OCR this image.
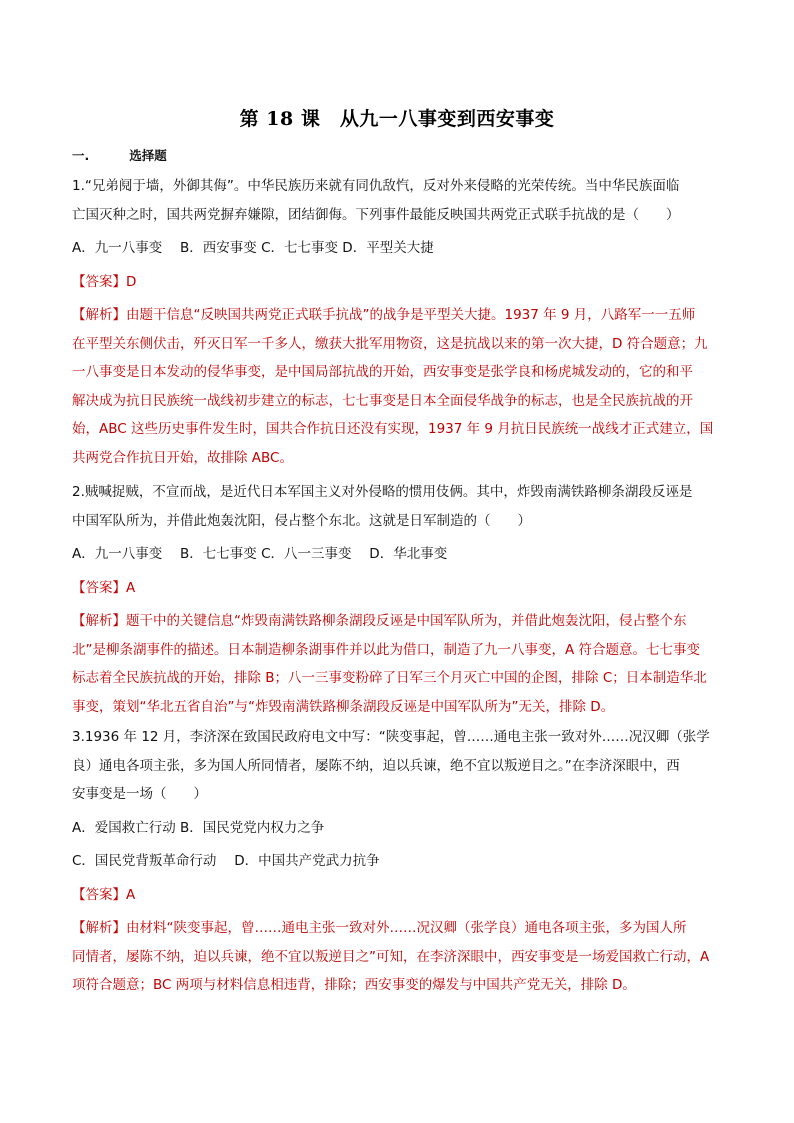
第 18 课　从九一八事变到西安事变
一.	选择题
1.“兄弟阋于墙，外御其侮”。中华民族历来就有同仇敌忾，反对外来侵略的光荣传统。当中华民族面临
亡国灭种之时，国共两党摒弃嫌隙，团结御侮。下列事件最能反映国共两党正式联手抗战的是（　　）
A．九一八事变　 B．西安事变 C．七七事变 D．平型关大捷
【答案】D
【解析】由题干信息“反映国共两党正式联手抗战”的战争是平型关大捷。1937 年 9 月，八路军一一五师
在平型关东侧伏击，歼灭日军一千多人，缴获大批军用物资，这是抗战以来的第一次大捷，D 符合题意；九
一八事变是日本发动的侵华事变，是中国局部抗战的开始，西安事变是张学良和杨虎城发动的，它的和平
解决成为抗日民族统一战线初步建立的标志，七七事变是日本全面侵华战争的标志，也是全民族抗战的开
始，ABC 这些历史事件发生时，国共合作抗日还没有实现，1937 年 9 月抗日民族统一战线才正式建立，国
共两党合作抗日开始，故排除 ABC。
2.贼喊捉贼，不宣而战，是近代日本军国主义对外侵略的惯用伎俩。其中，炸毁南满铁路柳条湖段反诬是
中国军队所为，并借此炮轰沈阳，侵占整个东北。这就是日军制造的（　　）
A．九一八事变　 B．七七事变 C．八一三事变　 D．华北事变
【答案】A
【解析】题干中的关键信息“炸毁南满铁路柳条湖段反诬是中国军队所为，并借此炮轰沈阳，侵占整个东
北”是柳条湖事件的描述。日本制造柳条湖事件并以此为借口，制造了九一八事变，A 符合题意。七七事变
标志着全民族抗战的开始，排除 B；八一三事变粉碎了日军三个月灭亡中国的企图，排除 C；日本制造华北
事变，策划“华北五省自治”与“炸毁南满铁路柳条湖段反诬是中国军队所为”无关，排除 D。
3.1936 年 12 月，李济深在致国民政府电文中写：“陕变事起，曾……通电主张一致对外……况汉卿（张学
良）通电各项主张，多为国人所同情者，屡陈不纳，迫以兵谏，绝不宜以叛逆目之。”在李济深眼中，西
安事变是一场（　　）
A．爱国救亡行动 B．国民党党内权力之争
C．国民党背叛革命行动　 D．中国共产党武力抗争
【答案】A
【解析】由材料“陕变事起，曾……通电主张一致对外……况汉卿（张学良）通电各项主张，多为国人所
同情者，屡陈不纳，迫以兵谏，绝不宜以叛逆目之”可知，在李济深眼中，西安事变是一场爱国救亡行动，A
项符合题意；BC 两项与材料信息相违背，排除；西安事变的爆发与中国共产党无关，排除 D。
